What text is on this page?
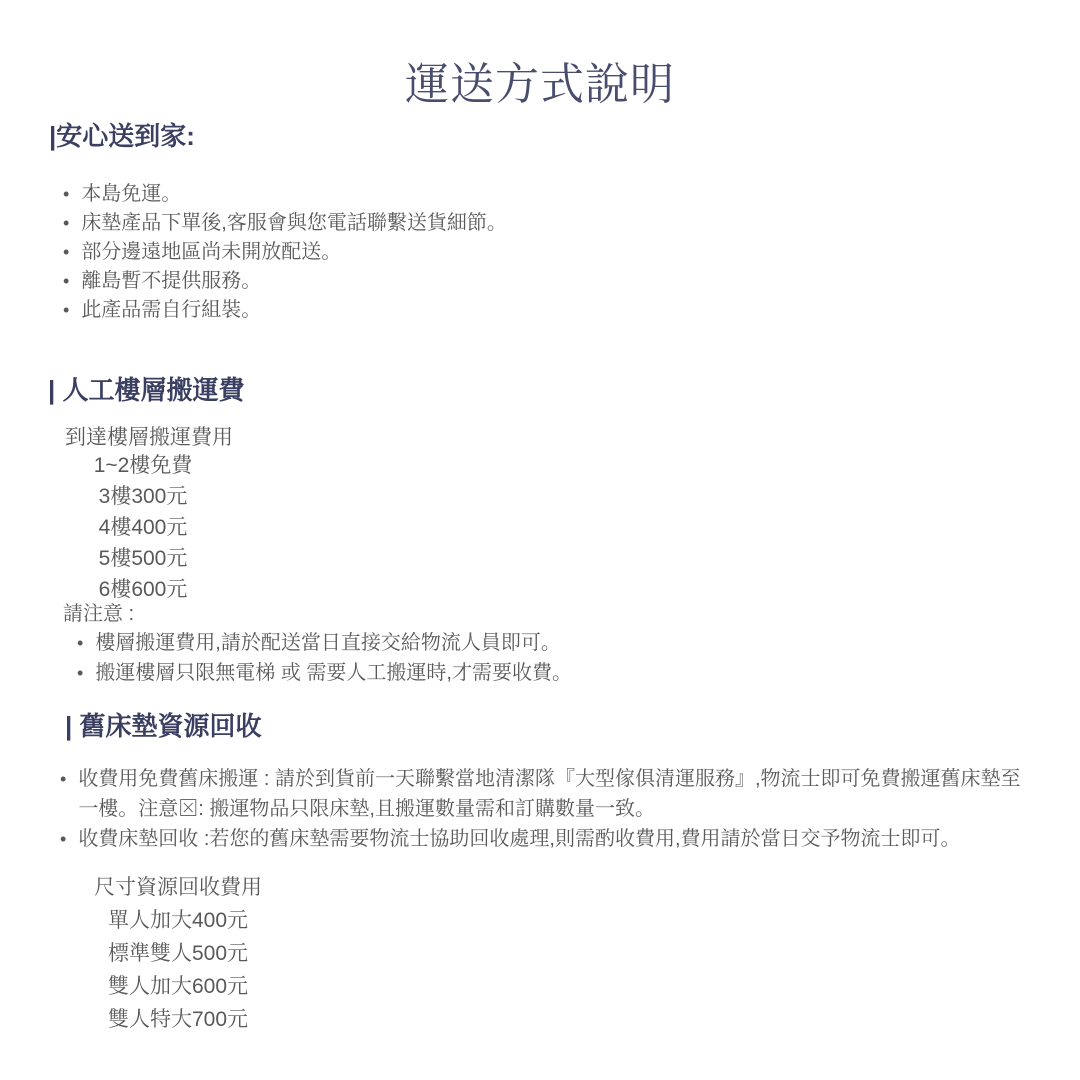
運送方式說明
|安心送到家:
• 本島免運。
• 床墊產品下單後,客服會與您電話聯繫送貨細節。
• 部分邊遠地區尚未開放配送。
• 離島暫不提供服務。
• 此產品需自行組裝。
| 人工樓層搬運費
到達樓層搬運費用
1~2樓免費
3樓300元
4樓400元
5樓500元
6樓600元
請注意 :
• 樓層搬運費用,請於配送當日直接交給物流人員即可。
• 搬運樓層只限無電梯 或 需要人工搬運時,才需要收費。
| 舊床墊資源回收
• 收費用免費舊床搬運 : 請於到貨前一天聯繫當地清潔隊『大型傢俱清運服務』,物流士即可免費搬運舊床墊至一樓。注意⊠: 搬運物品只限床墊,且搬運數量需和訂購數量一致。
• 收費床墊回收 :若您的舊床墊需要物流士協助回收處理,則需酌收費用,費用請於當日交予物流士即可。
尺寸資源回收費用
單人加大400元
標準雙人500元
雙人加大600元
雙人特大700元
